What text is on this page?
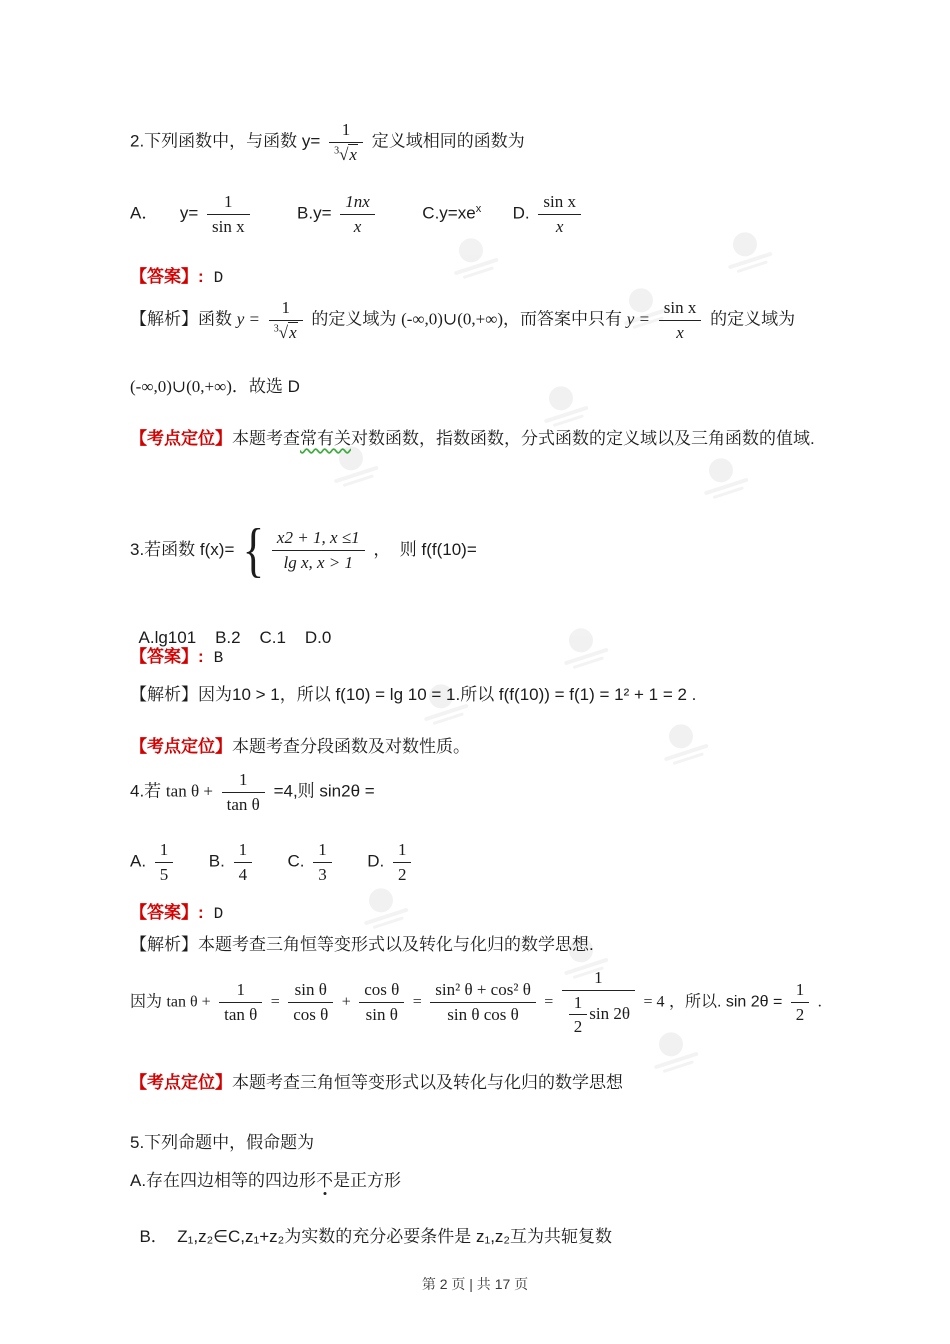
2.下列函数中，与函数 $y= \frac{1}{^3√x}$ 定义域相同的函数为
A． $y= \frac{1}{\text{sin x}}$	$B.y= \frac{1nx}{x}$	$C.y=xe^x$ D. $\frac{\text{sin x}}{x}$
【答案】: D
【解析】函数 $y = \frac{1}{^3√x}$ 的定义域为 (-∞,0)∪(0,+∞)，而答案中只有 $y = \frac{\text{sin x}}{x}$ 的定义域为
(-∞,0)∪(0,+∞)．故选 D
【考点定位】本题考查常有关对数函数，指数函数，分式函数的定义域以及三角函数的值域.
3.若函数 f(x)= { $\frac{x2 + 1, x \le 1}{\text{lg x, x > 1}}$ ，  则 f(f(10)=

A.lg101    B.2    C.1    D.0

【答案】: B
【解析】因为10 > 1，所以 f(10) = lg 10 = 1.所以 f(f(10)) = f(1) = 1² + 1 = 2 .
【考点定位】本题考查分段函数及对数性质。
4.若 $\tan \theta + \frac{1}{\text{tan θ}} =4$,则 sin2θ =
A. $\frac{1}{5} B$. $\frac{1}{4} C$. $\frac{1}{3} D$. $\frac{1}{2}$
【答案】: D
【解析】本题考查三角恒等变形式以及转化与化归的数学思想.
因为 $\tan \theta + \frac{1}{\text{tan θ}} = \frac{\text{sin θ}}{\text{cos θ}} + \frac{\text{cos θ}}{\text{sin θ}} = \frac{\text{sin² θ + cos² θ}}{\text{sin θ cos θ}} = \frac{1}{\frac{1}{2} \sin 2\theta} = 4$ ，所以. $\sin 2\theta = \frac{1}{2}$ .
【考点定位】本题考查三角恒等变形式以及转化与化归的数学思想
5.下列命题中，假命题为
A.存在四边相等的四边形不是正方形

B．  Z₁,z₂∈C,z₁+z₂为实数的充分必要条件是 z₁,z₂互为共轭复数

第 2 页 | 共 17 页
